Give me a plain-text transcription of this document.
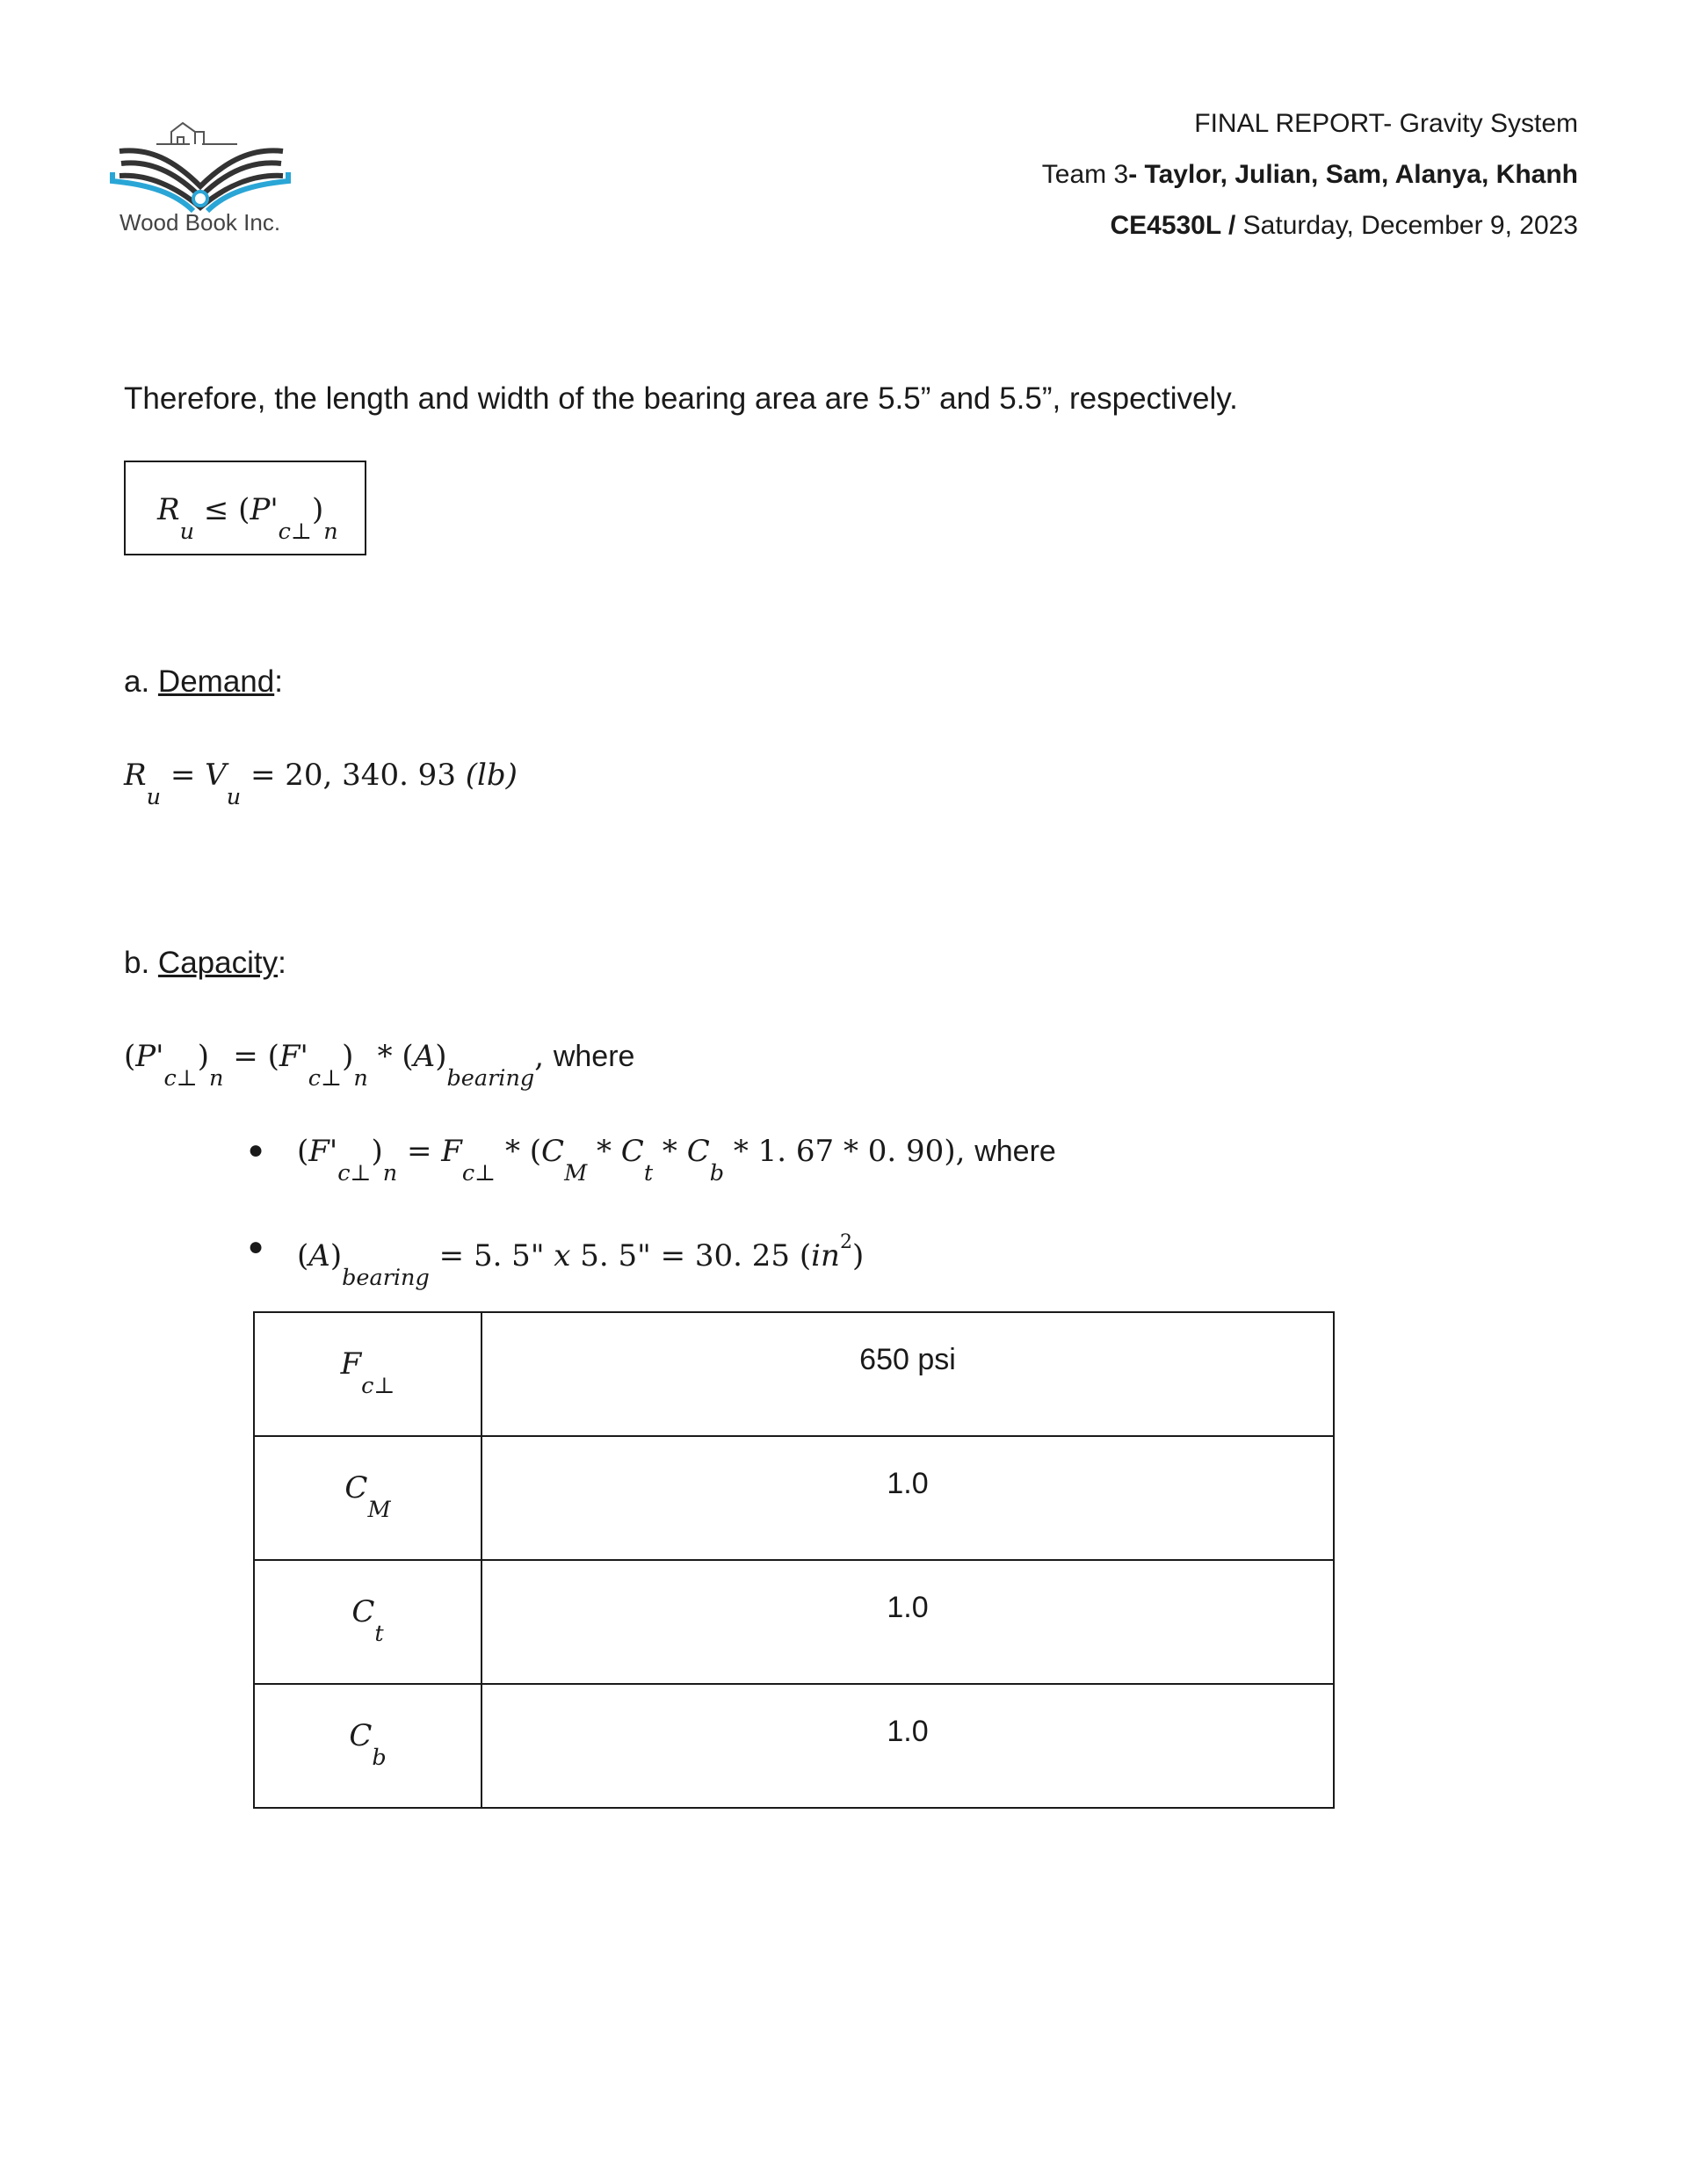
Wood Book Inc.
FINAL REPORT- Gravity System
Team 3- Taylor, Julian, Sam, Alanya, Khanh
CE4530L / Saturday, December 9, 2023
Therefore, the length and width of the bearing area are 5.5” and 5.5”, respectively.
Ru ≤ (P'c⊥)n
a. Demand:
Ru = Vu = 20, 340. 93 (lb)
b. Capacity:
(P'c⊥)n = (F'c⊥)n * (A)bearing, where
● (F'c⊥)n = Fc⊥ * (CM * Ct * Cb * 1. 67 * 0. 90), where
● (A)bearing = 5. 5" x 5. 5" = 30. 25 (in2)
Fc⊥	650 psi
CM	1.0
Ct	1.0
Cb	1.0
